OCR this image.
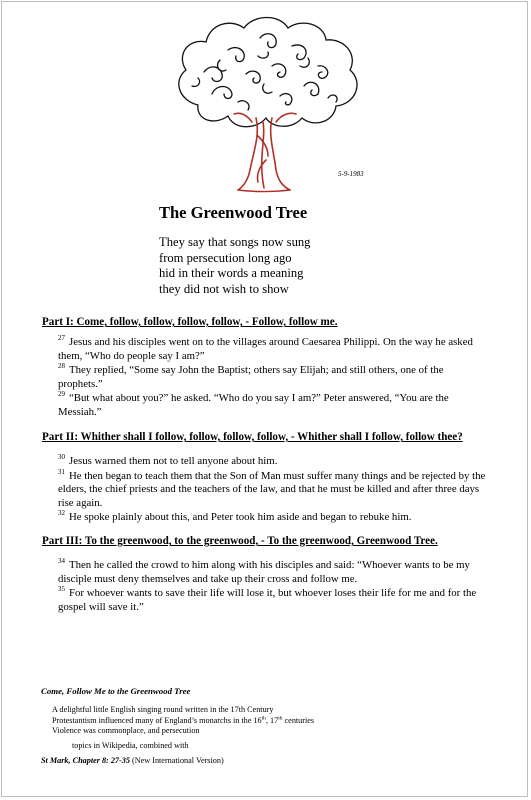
5-9-1983
The Greenwood Tree
They say that songs now sung
from persecution long ago
hid in their words a meaning
they did not wish to show
Part I: Come, follow, follow, follow, follow, - Follow, follow me.
$^{27}$ Jesus and his disciples went on to the villages around Caesarea Philippi. On the way he asked them, “Who do people say I am?”
$^{28}$ They replied, “Some say John the Baptist; others say Elijah; and still others, one of the prophets.”
$^{29}$ “But what about you?” he asked. “Who do you say I am?” Peter answered, “You are the Messiah.”
Part II: Whither shall I follow, follow, follow, follow, - Whither shall I follow, follow thee?
$^{30}$ Jesus warned them not to tell anyone about him.
$^{31}$ He then began to teach them that the Son of Man must suffer many things and be rejected by the elders, the chief priests and the teachers of the law, and that he must be killed and after three days rise again.
$^{32}$ He spoke plainly about this, and Peter took him aside and began to rebuke him.
Part III: To the greenwood, to the greenwood, - To the greenwood, Greenwood Tree.
$^{34}$ Then he called the crowd to him along with his disciples and said: “Whoever wants to be my disciple must deny themselves and take up their cross and follow me.
$^{35}$ For whoever wants to save their life will lose it, but whoever loses their life for me and for the gospel will save it.”
Come, Follow Me to the Greenwood Tree
A delightful little English singing round written in the 17th Century
Protestantism influenced many of England’s monarchs in the 16th, 17th centuries
Violence was commonplace, and persecution
topics in Wikipedia, combined with
St Mark, Chapter 8: 27-35 (New International Version)
